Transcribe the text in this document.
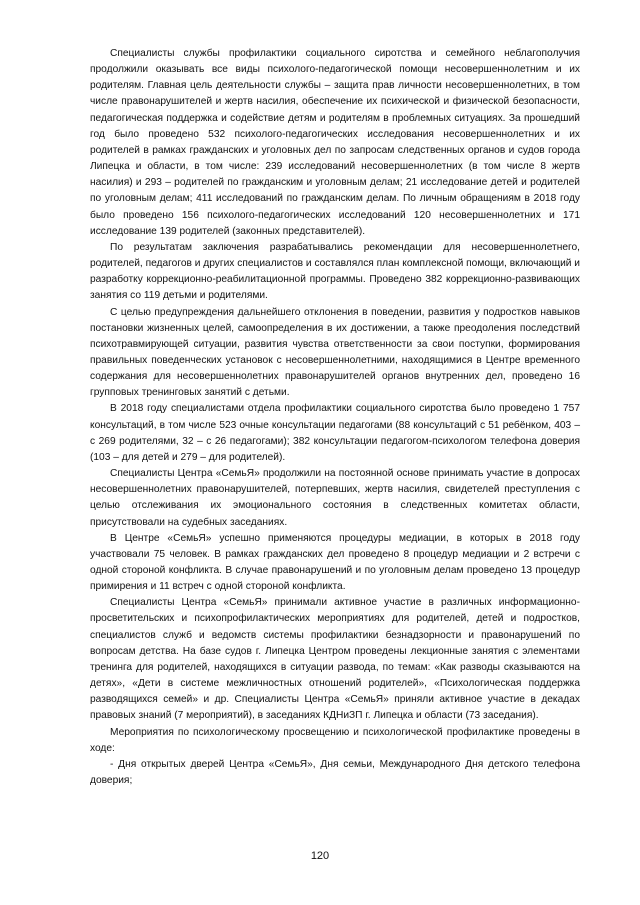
Специалисты службы профилактики социального сиротства и семейного неблагополучия продолжили оказывать все виды психолого-педагогической помощи несовершеннолетним и их родителям. Главная цель деятельности службы – защита прав личности несовершеннолетних, в том числе правонарушителей и жертв насилия, обеспечение их психической и физической безопасности, педагогическая поддержка и содействие детям и родителям в проблемных ситуациях. За прошедший год было проведено 532 психолого-педагогических исследования несовершеннолетних и их родителей в рамках гражданских и уголовных дел по запросам следственных органов и судов города Липецка и области, в том числе: 239 исследований несовершеннолетних (в том числе 8 жертв насилия) и 293 – родителей по гражданским и уголовным делам; 21 исследование детей и родителей по уголовным делам; 411 исследований по гражданским делам. По личным обращениям в 2018 году было проведено 156 психолого-педагогических исследований 120 несовершеннолетних и 171 исследование 139 родителей (законных представителей).

По результатам заключения разрабатывались рекомендации для несовершеннолетнего, родителей, педагогов и других специалистов и составлялся план комплексной помощи, включающий и разработку коррекционно-реабилитационной программы. Проведено 382 коррекционно-развивающих занятия со 119 детьми и родителями.

С целью предупреждения дальнейшего отклонения в поведении, развития у подростков навыков постановки жизненных целей, самоопределения в их достижении, а также преодоления последствий психотравмирующей ситуации, развития чувства ответственности за свои поступки, формирования правильных поведенческих установок с несовершеннолетними, находящимися в Центре временного содержания для несовершеннолетних правонарушителей органов внутренних дел, проведено 16 групповых тренинговых занятий с детьми.

В 2018 году специалистами отдела профилактики социального сиротства было проведено 1 757 консультаций, в том числе 523 очные консультации педагогами (88 консультаций с 51 ребёнком, 403 – с 269 родителями, 32 – с 26 педагогами); 382 консультации педагогом-психологом телефона доверия (103 – для детей и 279 – для родителей).

Специалисты Центра «СемьЯ» продолжили на постоянной основе принимать участие в допросах несовершеннолетних правонарушителей, потерпевших, жертв насилия, свидетелей преступления с целью отслеживания их эмоционального состояния в следственных комитетах области, присутствовали на судебных заседаниях.

В Центре «СемьЯ» успешно применяются процедуры медиации, в которых в 2018 году участвовали 75 человек. В рамках гражданских дел проведено 8 процедур медиации и 2 встречи с одной стороной конфликта. В случае правонарушений и по уголовным делам проведено 13 процедур примирения и 11 встреч с одной стороной конфликта.

Специалисты Центра «СемьЯ» принимали активное участие в различных информационно-просветительских и психопрофилактических мероприятиях для родителей, детей и подростков, специалистов служб и ведомств системы профилактики безнадзорности и правонарушений по вопросам детства. На базе судов г. Липецка Центром проведены лекционные занятия с элементами тренинга для родителей, находящихся в ситуации развода, по темам: «Как разводы сказываются на детях», «Дети в системе межличностных отношений родителей», «Психологическая поддержка разводящихся семей» и др. Специалисты Центра «СемьЯ» приняли активное участие в декадах правовых знаний (7 мероприятий), в заседаниях КДНиЗП г. Липецка и области (73 заседания).

Мероприятия по психологическому просвещению и психологической профилактике проведены в ходе:

- Дня открытых дверей Центра «СемьЯ», Дня семьи, Международного Дня детского телефона доверия;

120
